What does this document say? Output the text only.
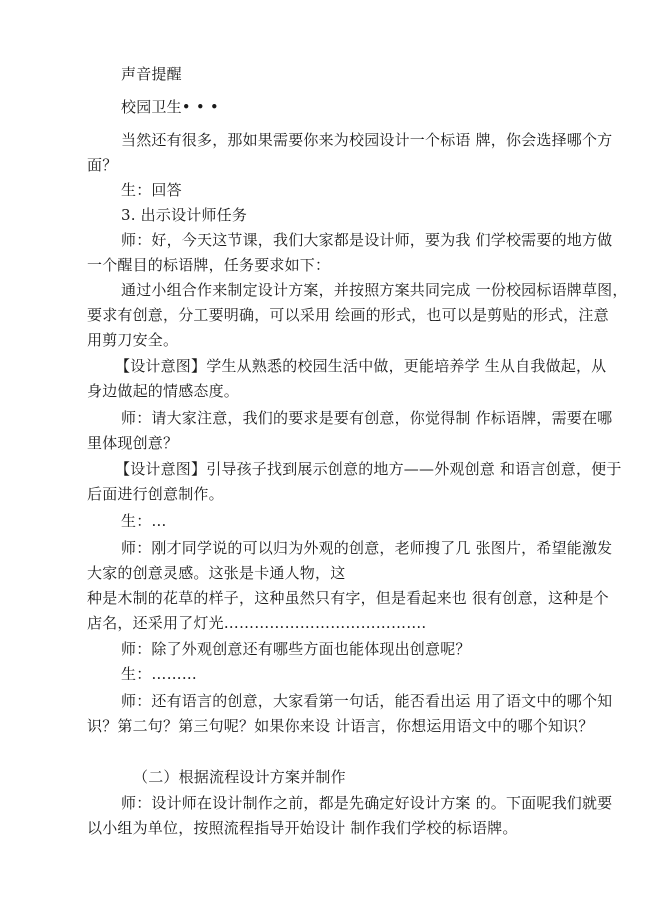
声音提醒
校园卫生• • •
当然还有很多，那如果需要你来为校园设计一个标语 牌，你会选择哪个方
面？
生：回答
3. 出示设计师任务
师：好，今天这节课，我们大家都是设计师，要为我 们学校需要的地方做
一个醒目的标语牌，任务要求如下：
通过小组合作来制定设计方案，并按照方案共同完成 一份校园标语牌草图，
要求有创意，分工要明确，可以采用 绘画的形式，也可以是剪贴的形式，注意
用剪刀安全。
【设计意图】学生从熟悉的校园生活中做，更能培养学 生从自我做起，从
身边做起的情感态度。
师：请大家注意，我们的要求是要有创意，你觉得制 作标语牌，需要在哪
里体现创意？
【设计意图】引导孩子找到展示创意的地方——外观创意 和语言创意，便于
后面进行创意制作。
生：…
师：刚才同学说的可以归为外观的创意，老师搜了几 张图片，希望能激发
大家的创意灵感。这张是卡通人物，这
种是木制的花草的样子，这种虽然只有字，但是看起来也 很有创意，这种是个
店名，还采用了灯光………………………………….
师：除了外观创意还有哪些方面也能体现出创意呢？
生：………
师：还有语言的创意，大家看第一句话，能否看出运 用了语文中的哪个知
识？第二句？第三句呢？如果你来设 计语言，你想运用语文中的哪个知识？
（二）根据流程设计方案并制作
师：设计师在设计制作之前，都是先确定好设计方案 的。下面呢我们就要
以小组为单位，按照流程指导开始设计 制作我们学校的标语牌。
